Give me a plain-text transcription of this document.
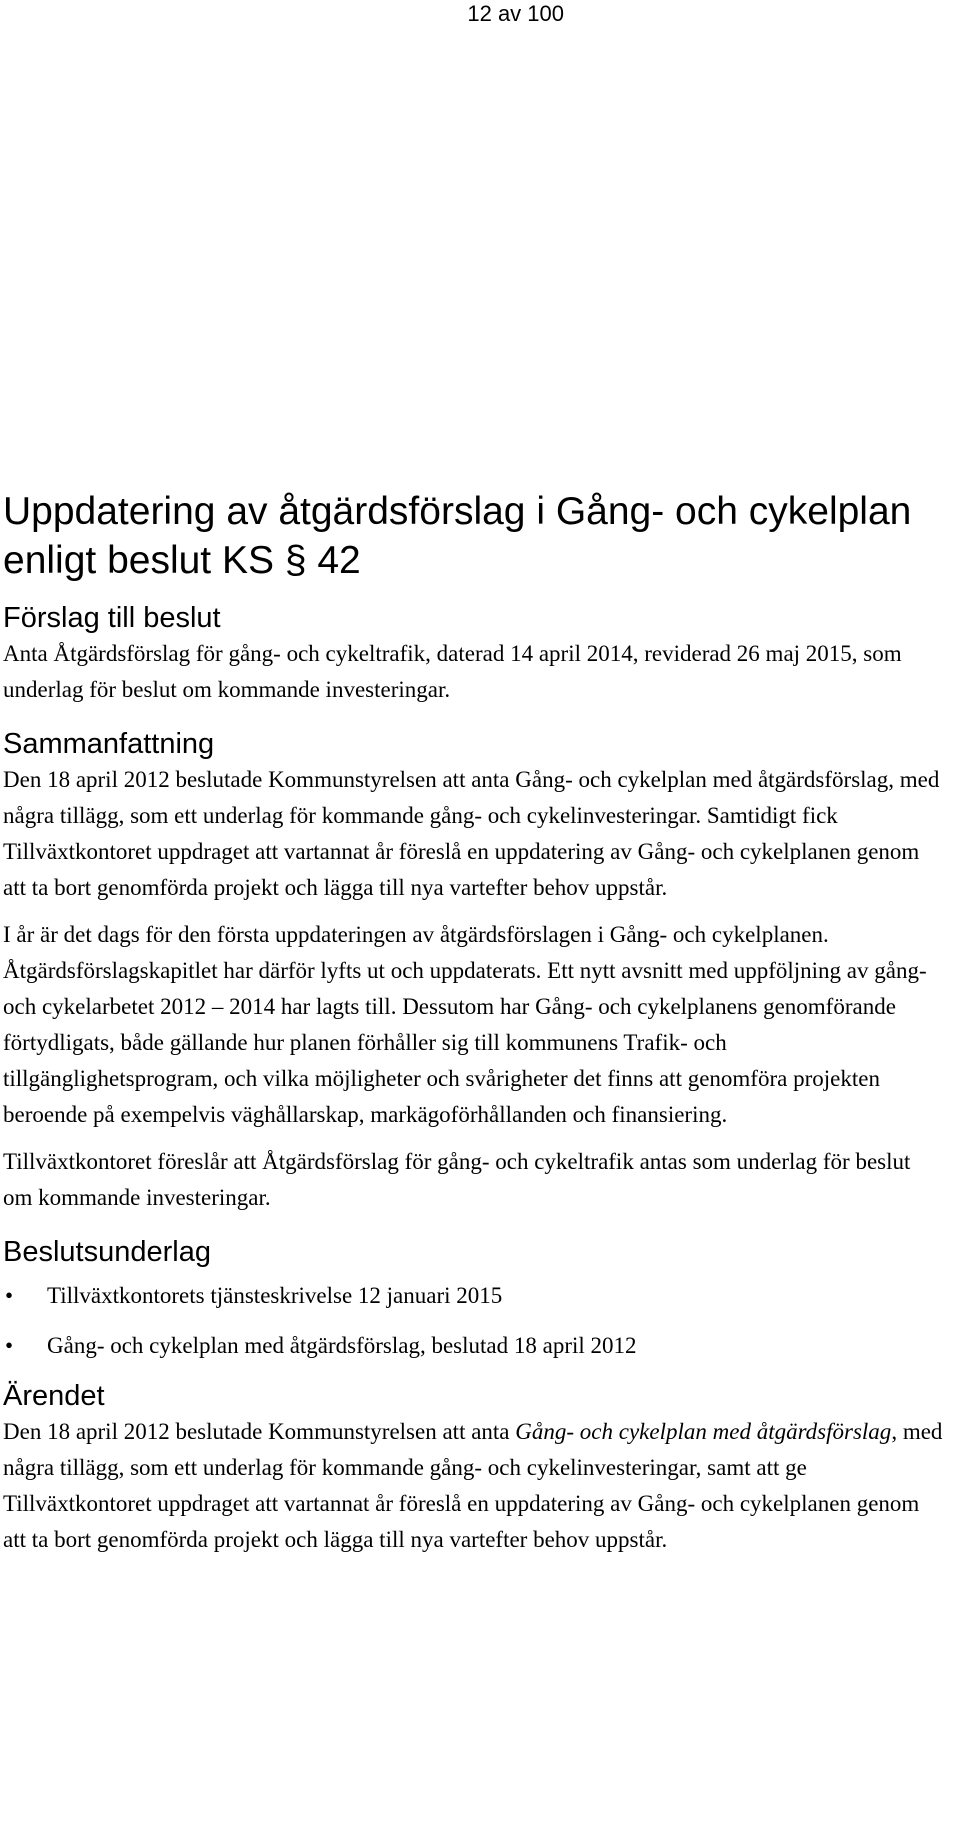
12 av 100
Uppdatering av åtgärdsförslag i Gång- och cykelplan enligt beslut KS § 42
Förslag till beslut

Anta Åtgärdsförslag för gång- och cykeltrafik, daterad 14 april 2014, reviderad 26 maj 2015, som underlag för beslut om kommande investeringar.

Sammanfattning

Den 18 april 2012 beslutade Kommunstyrelsen att anta Gång- och cykelplan med åtgärdsförslag, med några tillägg, som ett underlag för kommande gång- och cykelinvesteringar. Samtidigt fick Tillväxtkontoret uppdraget att vartannat år föreslå en uppdatering av Gång- och cykelplanen genom att ta bort genomförda projekt och lägga till nya vartefter behov uppstår.

I år är det dags för den första uppdateringen av åtgärdsförslagen i Gång- och cykelplanen. Åtgärdsförslagskapitlet har därför lyfts ut och uppdaterats. Ett nytt avsnitt med uppföljning av gång- och cykelarbetet 2012 – 2014 har lagts till. Dessutom har Gång- och cykelplanens genomförande förtydligats, både gällande hur planen förhåller sig till kommunens Trafik- och tillgänglighetsprogram, och vilka möjligheter och svårigheter det finns att genomföra projekten beroende på exempelvis väghållarskap, markägoförhållanden och finansiering.

Tillväxtkontoret föreslår att Åtgärdsförslag för gång- och cykeltrafik antas som underlag för beslut om kommande investeringar.

Beslutsunderlag
• Tillväxtkontorets tjänsteskrivelse 12 januari 2015
• Gång- och cykelplan med åtgärdsförslag, beslutad 18 april 2012
Ärendet

Den 18 april 2012 beslutade Kommunstyrelsen att anta Gång- och cykelplan med åtgärdsförslag, med några tillägg, som ett underlag för kommande gång- och cykelinvesteringar, samt att ge Tillväxtkontoret uppdraget att vartannat år föreslå en uppdatering av Gång- och cykelplanen genom att ta bort genomförda projekt och lägga till nya vartefter behov uppstår.
